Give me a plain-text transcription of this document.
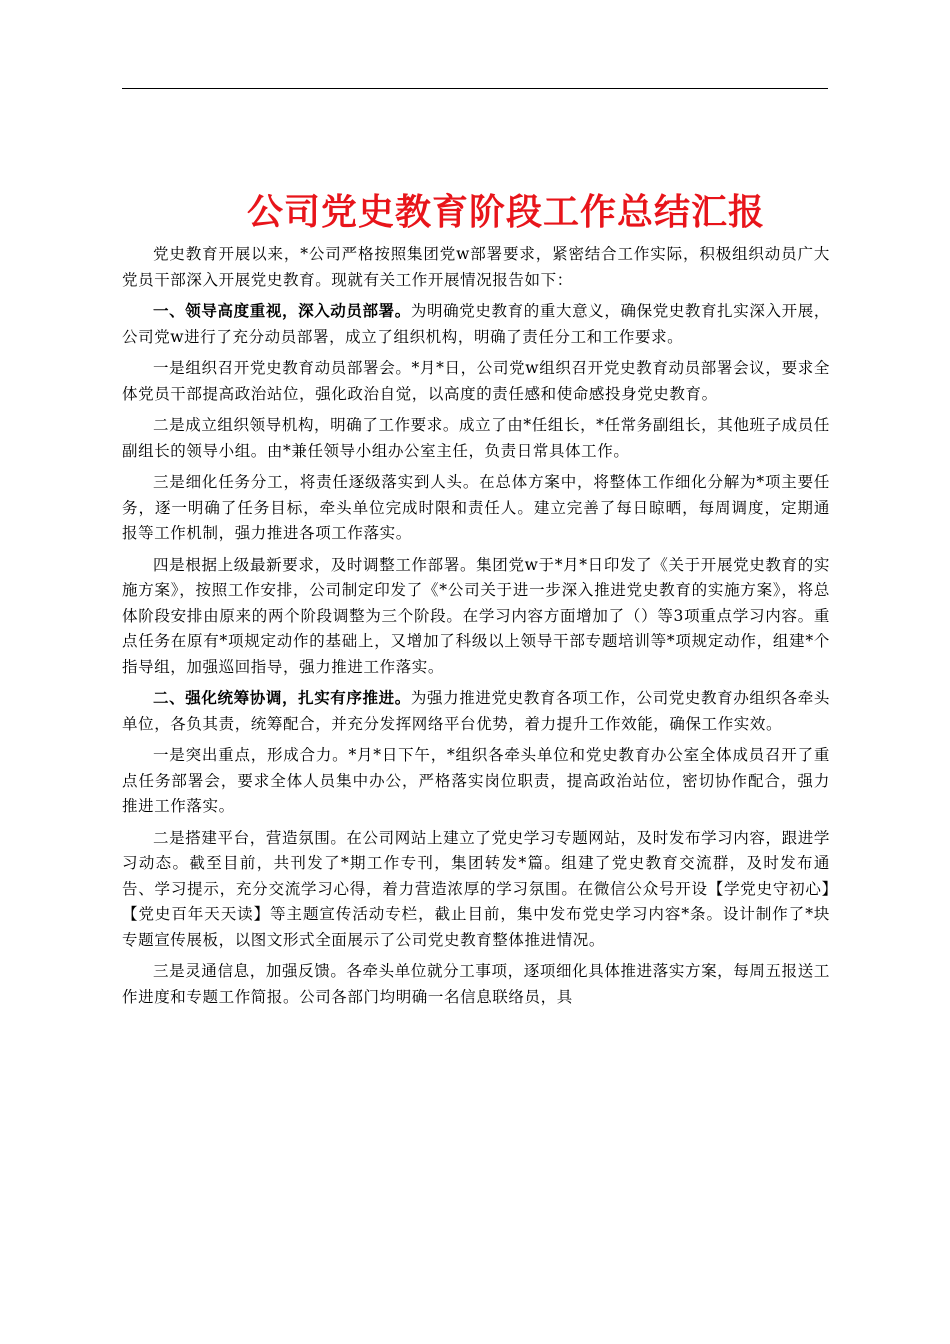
公司党史教育阶段工作总结汇报

党史教育开展以来，*公司严格按照集团党w部署要求，紧密结合工作实际，积极组织动员广大党员干部深入开展党史教育。现就有关工作开展情况报告如下：

一、领导高度重视，深入动员部署。为明确党史教育的重大意义，确保党史教育扎实深入开展，公司党w进行了充分动员部署，成立了组织机构，明确了责任分工和工作要求。

一是组织召开党史教育动员部署会。*月*日，公司党w组织召开党史教育动员部署会议，要求全体党员干部提高政治站位，强化政治自觉，以高度的责任感和使命感投身党史教育。

二是成立组织领导机构，明确了工作要求。成立了由*任组长，*任常务副组长，其他班子成员任副组长的领导小组。由*兼任领导小组办公室主任，负责日常具体工作。

三是细化任务分工，将责任逐级落实到人头。在总体方案中，将整体工作细化分解为*项主要任务，逐一明确了任务目标，牵头单位完成时限和责任人。建立完善了每日晾晒，每周调度，定期通报等工作机制，强力推进各项工作落实。

四是根据上级最新要求，及时调整工作部署。集团党w于*月*日印发了《关于开展党史教育的实施方案》，按照工作安排，公司制定印发了《*公司关于进一步深入推进党史教育的实施方案》，将总体阶段安排由原来的两个阶段调整为三个阶段。在学习内容方面增加了（）等3项重点学习内容。重点任务在原有*项规定动作的基础上，又增加了科级以上领导干部专题培训等*项规定动作，组建*个指导组，加强巡回指导，强力推进工作落实。

二、强化统筹协调，扎实有序推进。为强力推进党史教育各项工作，公司党史教育办组织各牵头单位，各负其责，统筹配合，并充分发挥网络平台优势，着力提升工作效能，确保工作实效。

一是突出重点，形成合力。*月*日下午，*组织各牵头单位和党史教育办公室全体成员召开了重点任务部署会，要求全体人员集中办公，严格落实岗位职责，提高政治站位，密切协作配合，强力推进工作落实。

二是搭建平台，营造氛围。在公司网站上建立了党史学习专题网站，及时发布学习内容，跟进学习动态。截至目前，共刊发了*期工作专刊，集团转发*篇。组建了党史教育交流群，及时发布通告、学习提示，充分交流学习心得，着力营造浓厚的学习氛围。在微信公众号开设【学党史守初心】【党史百年天天读】等主题宣传活动专栏，截止目前，集中发布党史学习内容*条。设计制作了*块专题宣传展板，以图文形式全面展示了公司党史教育整体推进情况。

三是灵通信息，加强反馈。各牵头单位就分工事项，逐项细化具体推进落实方案，每周五报送工作进度和专题工作简报。公司各部门均明确一名信息联络员，具
